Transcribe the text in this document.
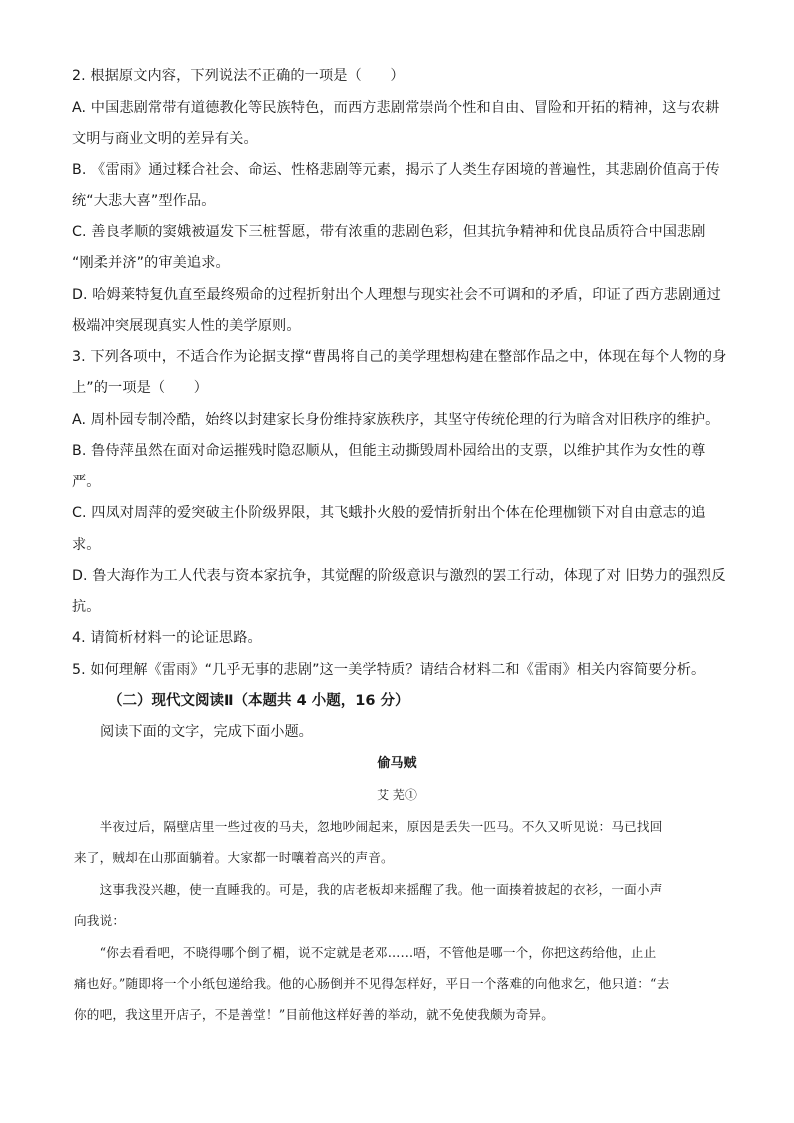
2. 根据原文内容，下列说法不正确的一项是（　　）
A. 中国悲剧常带有道德教化等民族特色，而西方悲剧常崇尚个性和自由、冒险和开拓的精神，这与农耕
文明与商业文明的差异有关。
B. 《雷雨》通过糅合社会、命运、性格悲剧等元素，揭示了人类生存困境的普遍性，其悲剧价值高于传
统“大悲大喜”型作品。
C. 善良孝顺的窦娥被逼发下三桩誓愿，带有浓重的悲剧色彩，但其抗争精神和优良品质符合中国悲剧
“刚柔并济”的审美追求。
D. 哈姆莱特复仇直至最终殒命的过程折射出个人理想与现实社会不可调和的矛盾，印证了西方悲剧通过
极端冲突展现真实人性的美学原则。
3. 下列各项中，不适合作为论据支撑“曹禺将自己的美学理想构建在整部作品之中，体现在每个人物的身
上”的一项是（　　）
A. 周朴园专制冷酷，始终以封建家长身份维持家族秩序，其坚守传统伦理的行为暗含对旧秩序的维护。
B. 鲁侍萍虽然在面对命运摧残时隐忍顺从，但能主动撕毁周朴园给出的支票，以维护其作为女性的尊
严。
C. 四凤对周萍的爱突破主仆阶级界限，其飞蛾扑火般的爱情折射出个体在伦理枷锁下对自由意志的追
求。
D. 鲁大海作为工人代表与资本家抗争，其觉醒的阶级意识与激烈的罢工行动，体现了对 旧势力的强烈反
抗。
4. 请简析材料一的论证思路。
5. 如何理解《雷雨》“几乎无事的悲剧”这一美学特质？请结合材料二和《雷雨》相关内容简要分析。
（二）现代文阅读Ⅱ（本题共 4 小题，16 分）
阅读下面的文字，完成下面小题。
偷马贼
艾 芜①
　　半夜过后，隔壁店里一些过夜的马夫，忽地吵闹起来，原因是丢失一匹马。不久又听见说：马已找回
来了，贼却在山那面躺着。大家都一时嚷着高兴的声音。
　　这事我没兴趣，使一直睡我的。可是，我的店老板却来摇醒了我。他一面揍着披起的衣衫，一面小声
向我说：
　　“你去看看吧，不晓得哪个倒了楣，说不定就是老邓……唔，不管他是哪一个，你把这药给他，止止
痛也好。”随即将一个小纸包递给我。他的心肠倒并不见得怎样好，平日一个落难的向他求乞，他只道：“去
你的吧，我这里开店子，不是善堂！”目前他这样好善的举动，就不免使我颇为奇异。
